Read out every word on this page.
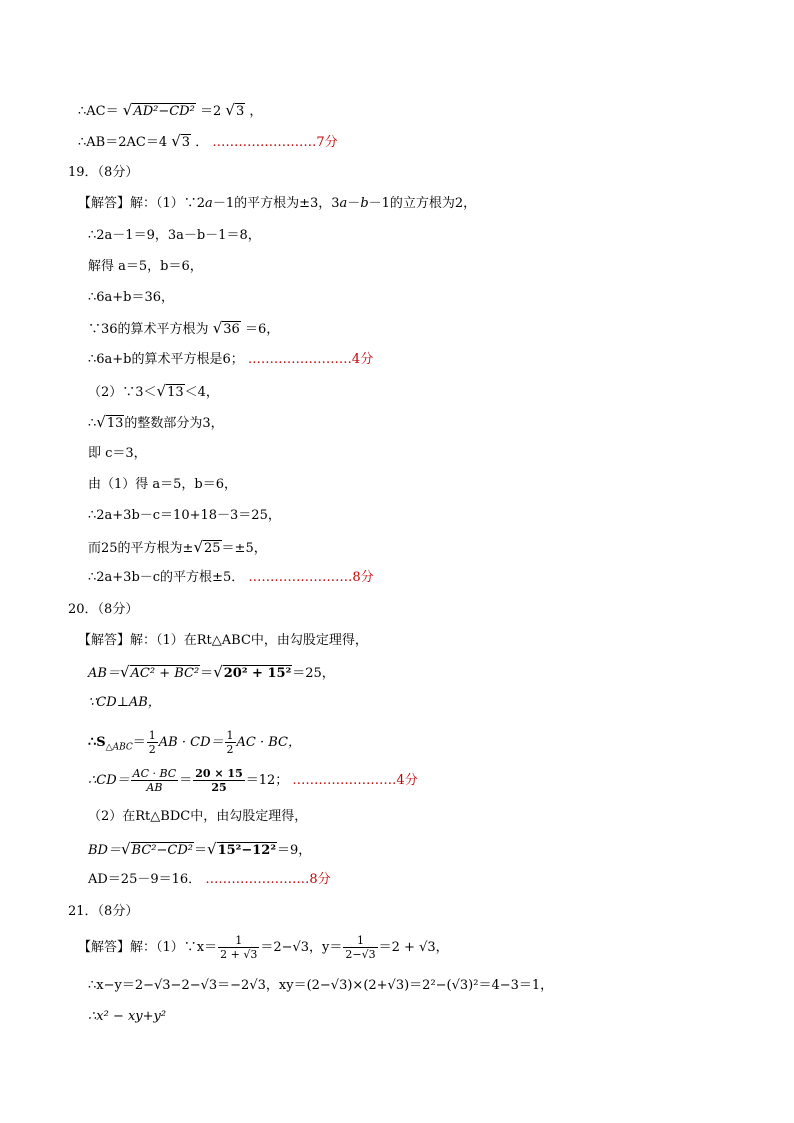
∴AC＝ √AD²−CD² ＝2 √3 ，
∴AB＝2AC＝4 √3 ． ……………………7分
19．（8分）
【解答】解：（1）∵2a－1的平方根为±3，3a－b－1的立方根为2，
∴2a－1＝9，3a－b－1＝8，
解得 a＝5，b＝6，
∴6a+b＝36，
∵36的算术平方根为 √36 ＝6，
∴6a+b的算术平方根是6； ……………………4分
（2）∵3＜√13＜4，
∴√13的整数部分为3，
即 c＝3，
由（1）得 a＝5，b＝6，
∴2a+3b－c＝10+18－3＝25，
而25的平方根为±√25＝±5，
∴2a+3b－c的平方根±5． ……………………8分
20．（8分）
【解答】解：（1）在Rt△ABC中，由勾股定理得，
AB＝√AC² + BC²＝√20² + 15²＝25，
∵CD⊥AB，
$\therefore S_{\triangle ABC}= \frac{1}{2}$ AB · $CD= \frac{1}{2}$ AC · BC，
∴CD＝ $\frac{AC \cdot BC}{AB} = \frac{20 \times 15}{25} =12$； ……………………4分
（2）在Rt△BDC中，由勾股定理得，
BD＝√BC²−CD²＝√15²−12²＝9，
AD＝25－9＝16． ……………………8分
21．（8分）
【解答】解：（1）∵x＝ $\frac{1}{2 + √3} =2-√3$，$y= \frac{1}{2-√3} =2 + √3$，
∴x−y＝2−√3−2−√3＝−2√3，xy＝(2−√3)×(2+√3)＝2²−(√3)²＝4−3＝1，
∴x² − xy+y²
